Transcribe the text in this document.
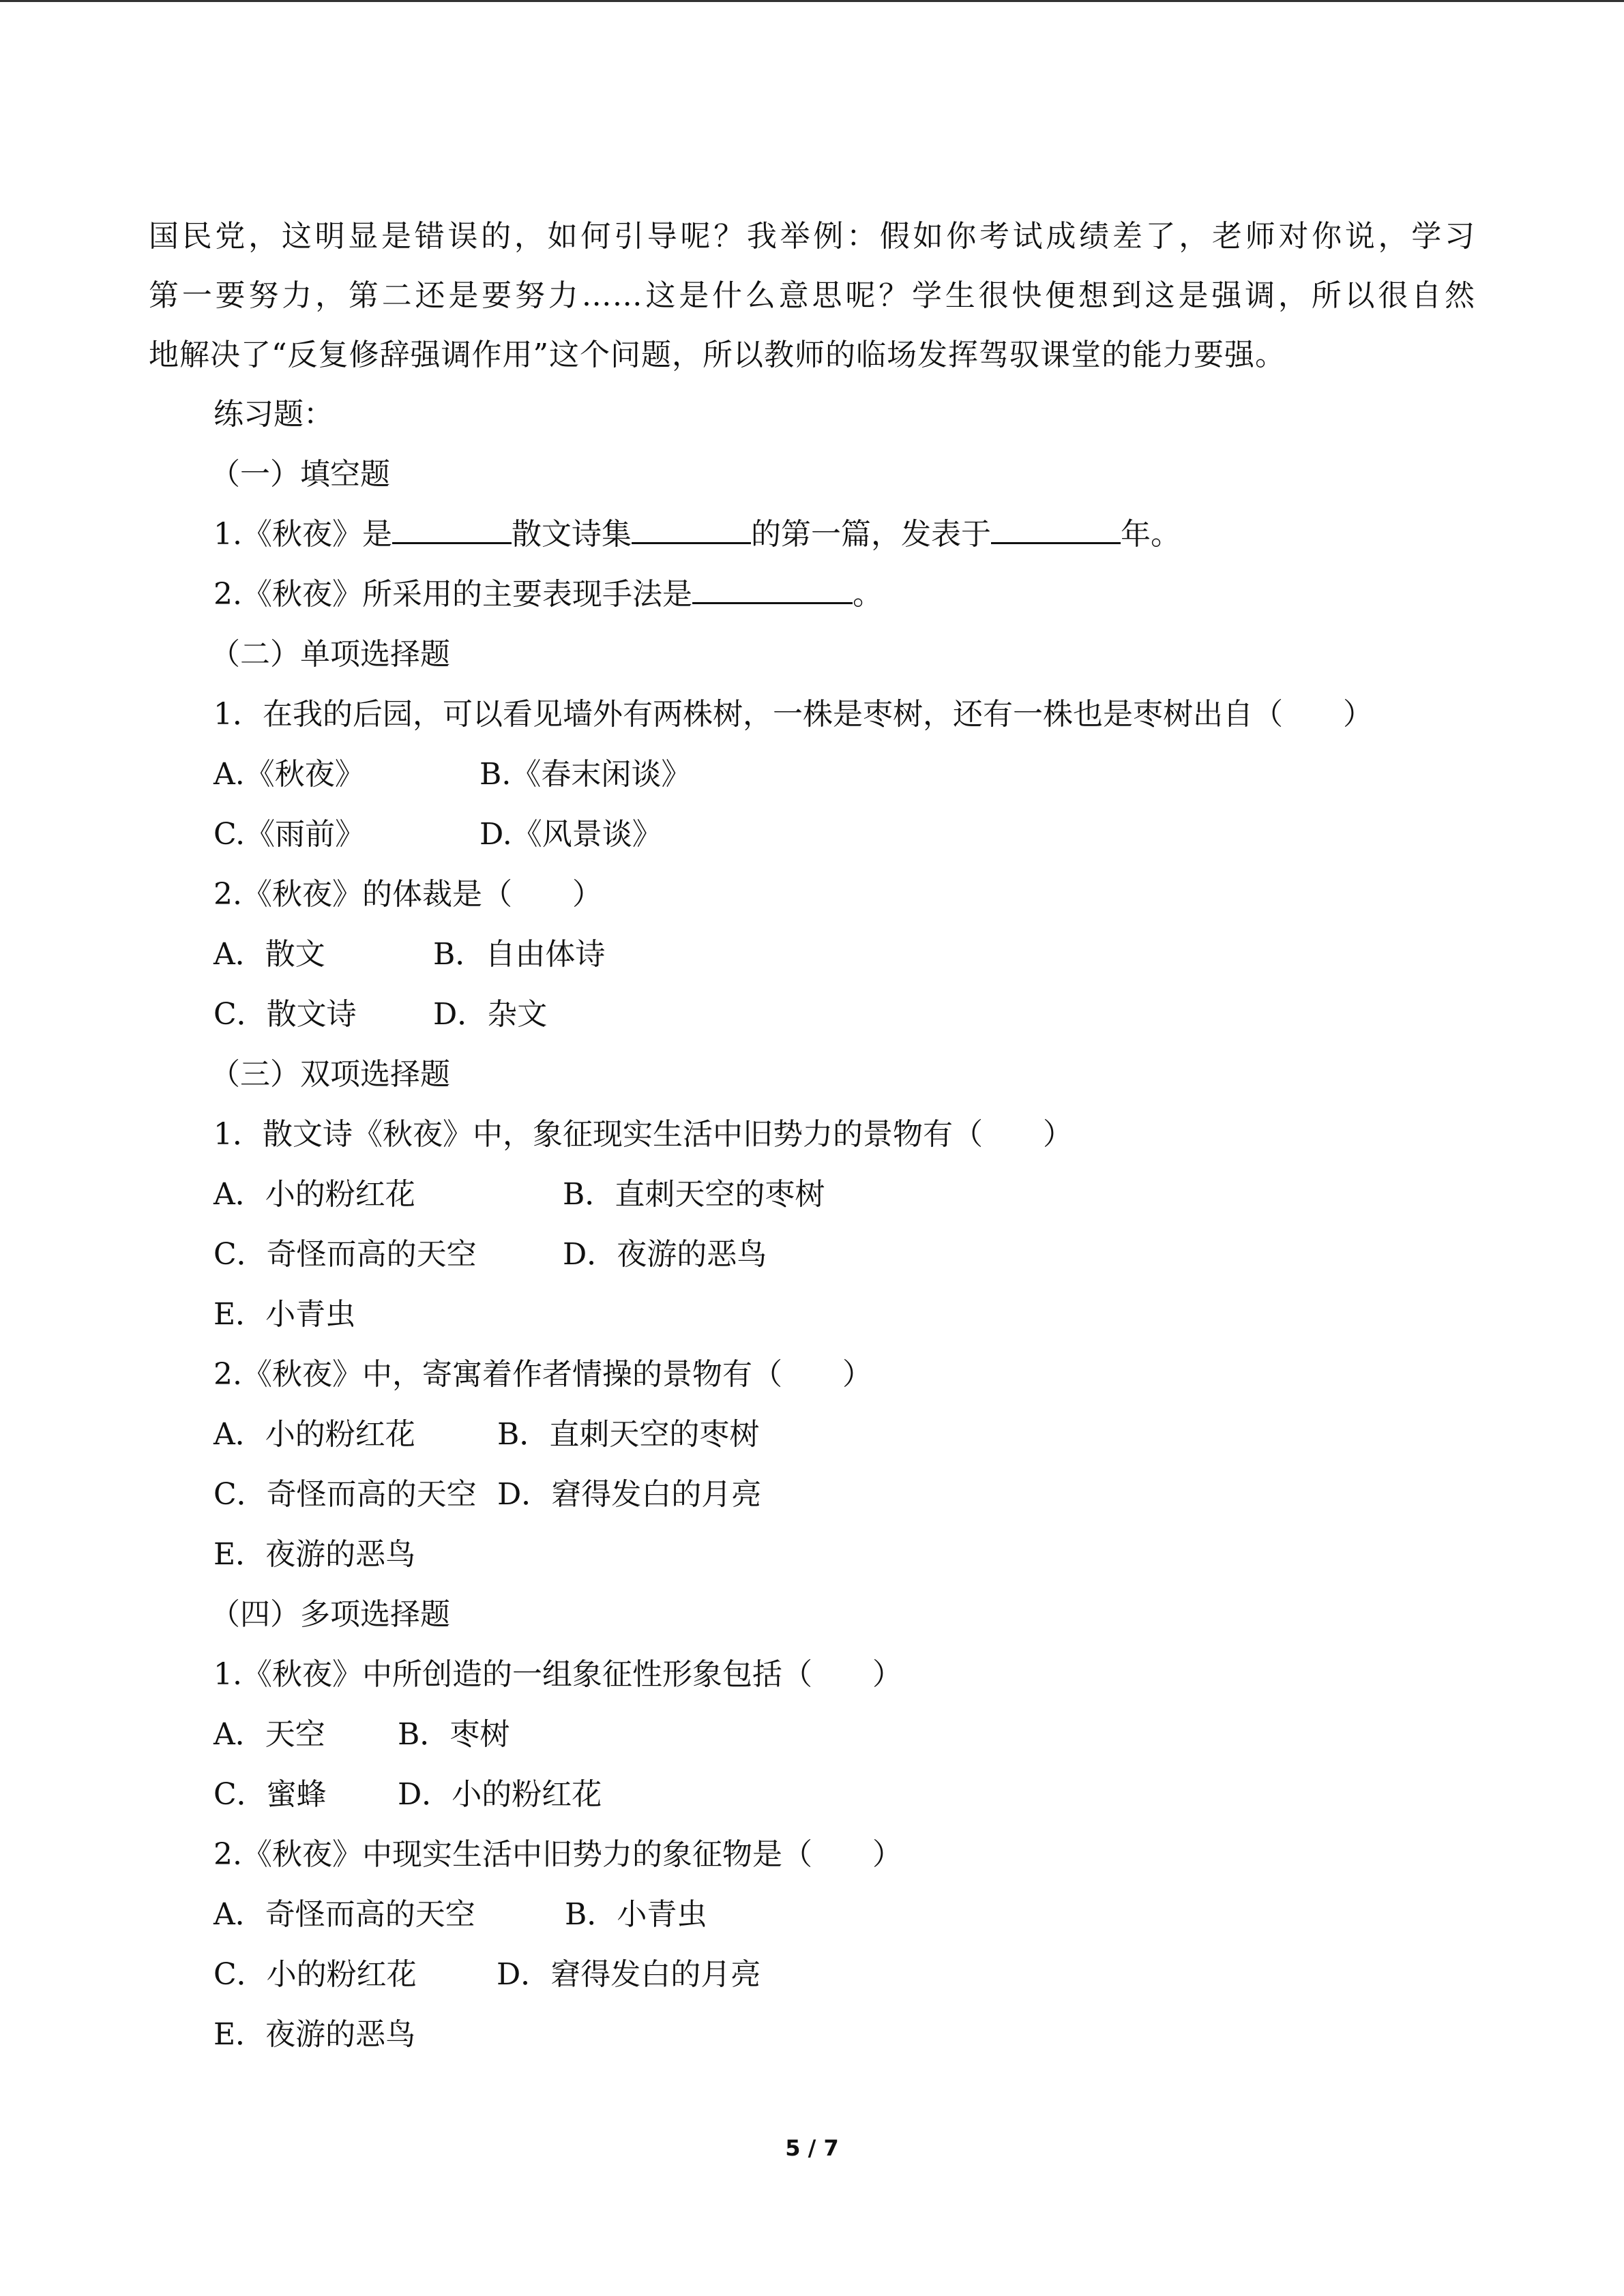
国民党，这明显是错误的，如何引导呢？我举例：假如你考试成绩差了，老师对你说，学习

第一要努力，第二还是要努力……这是什么意思呢？学生很快便想到这是强调，所以很自然

地解决了“反复修辞强调作用”这个问题，所以教师的临场发挥驾驭课堂的能力要强。

练习题：

（一）填空题

1.《秋夜》是	散文诗集	的第一篇，发表于	年。

2.《秋夜》所采用的主要表现手法是	。

（二）单项选择题

1．在我的后园，可以看见墙外有两株树，一株是枣树，还有一株也是枣树出自（　　）

A.《秋夜》	B.《春末闲谈》

C.《雨前》	D.《风景谈》

2.《秋夜》的体裁是（　　）

A．散文	B．自由体诗

C．散文诗	D．杂文

（三）双项选择题

1．散文诗《秋夜》中，象征现实生活中旧势力的景物有（　　）

A．小的粉红花	B．直刺天空的枣树

C．奇怪而高的天空	D．夜游的恶鸟

E．小青虫

2.《秋夜》中，寄寓着作者情操的景物有（　　）

A．小的粉红花	B．直刺天空的枣树

C．奇怪而高的天空 D．窘得发白的月亮

E．夜游的恶鸟

（四）多项选择题

1.《秋夜》中所创造的一组象征性形象包括（　　）

A．天空 B．枣树

C．蜜蜂 D．小的粉红花

2.《秋夜》中现实生活中旧势力的象征物是（　　）

A．奇怪而高的天空	B．小青虫

C．小的粉红花	D．窘得发白的月亮

E．夜游的恶鸟

5 / 7
